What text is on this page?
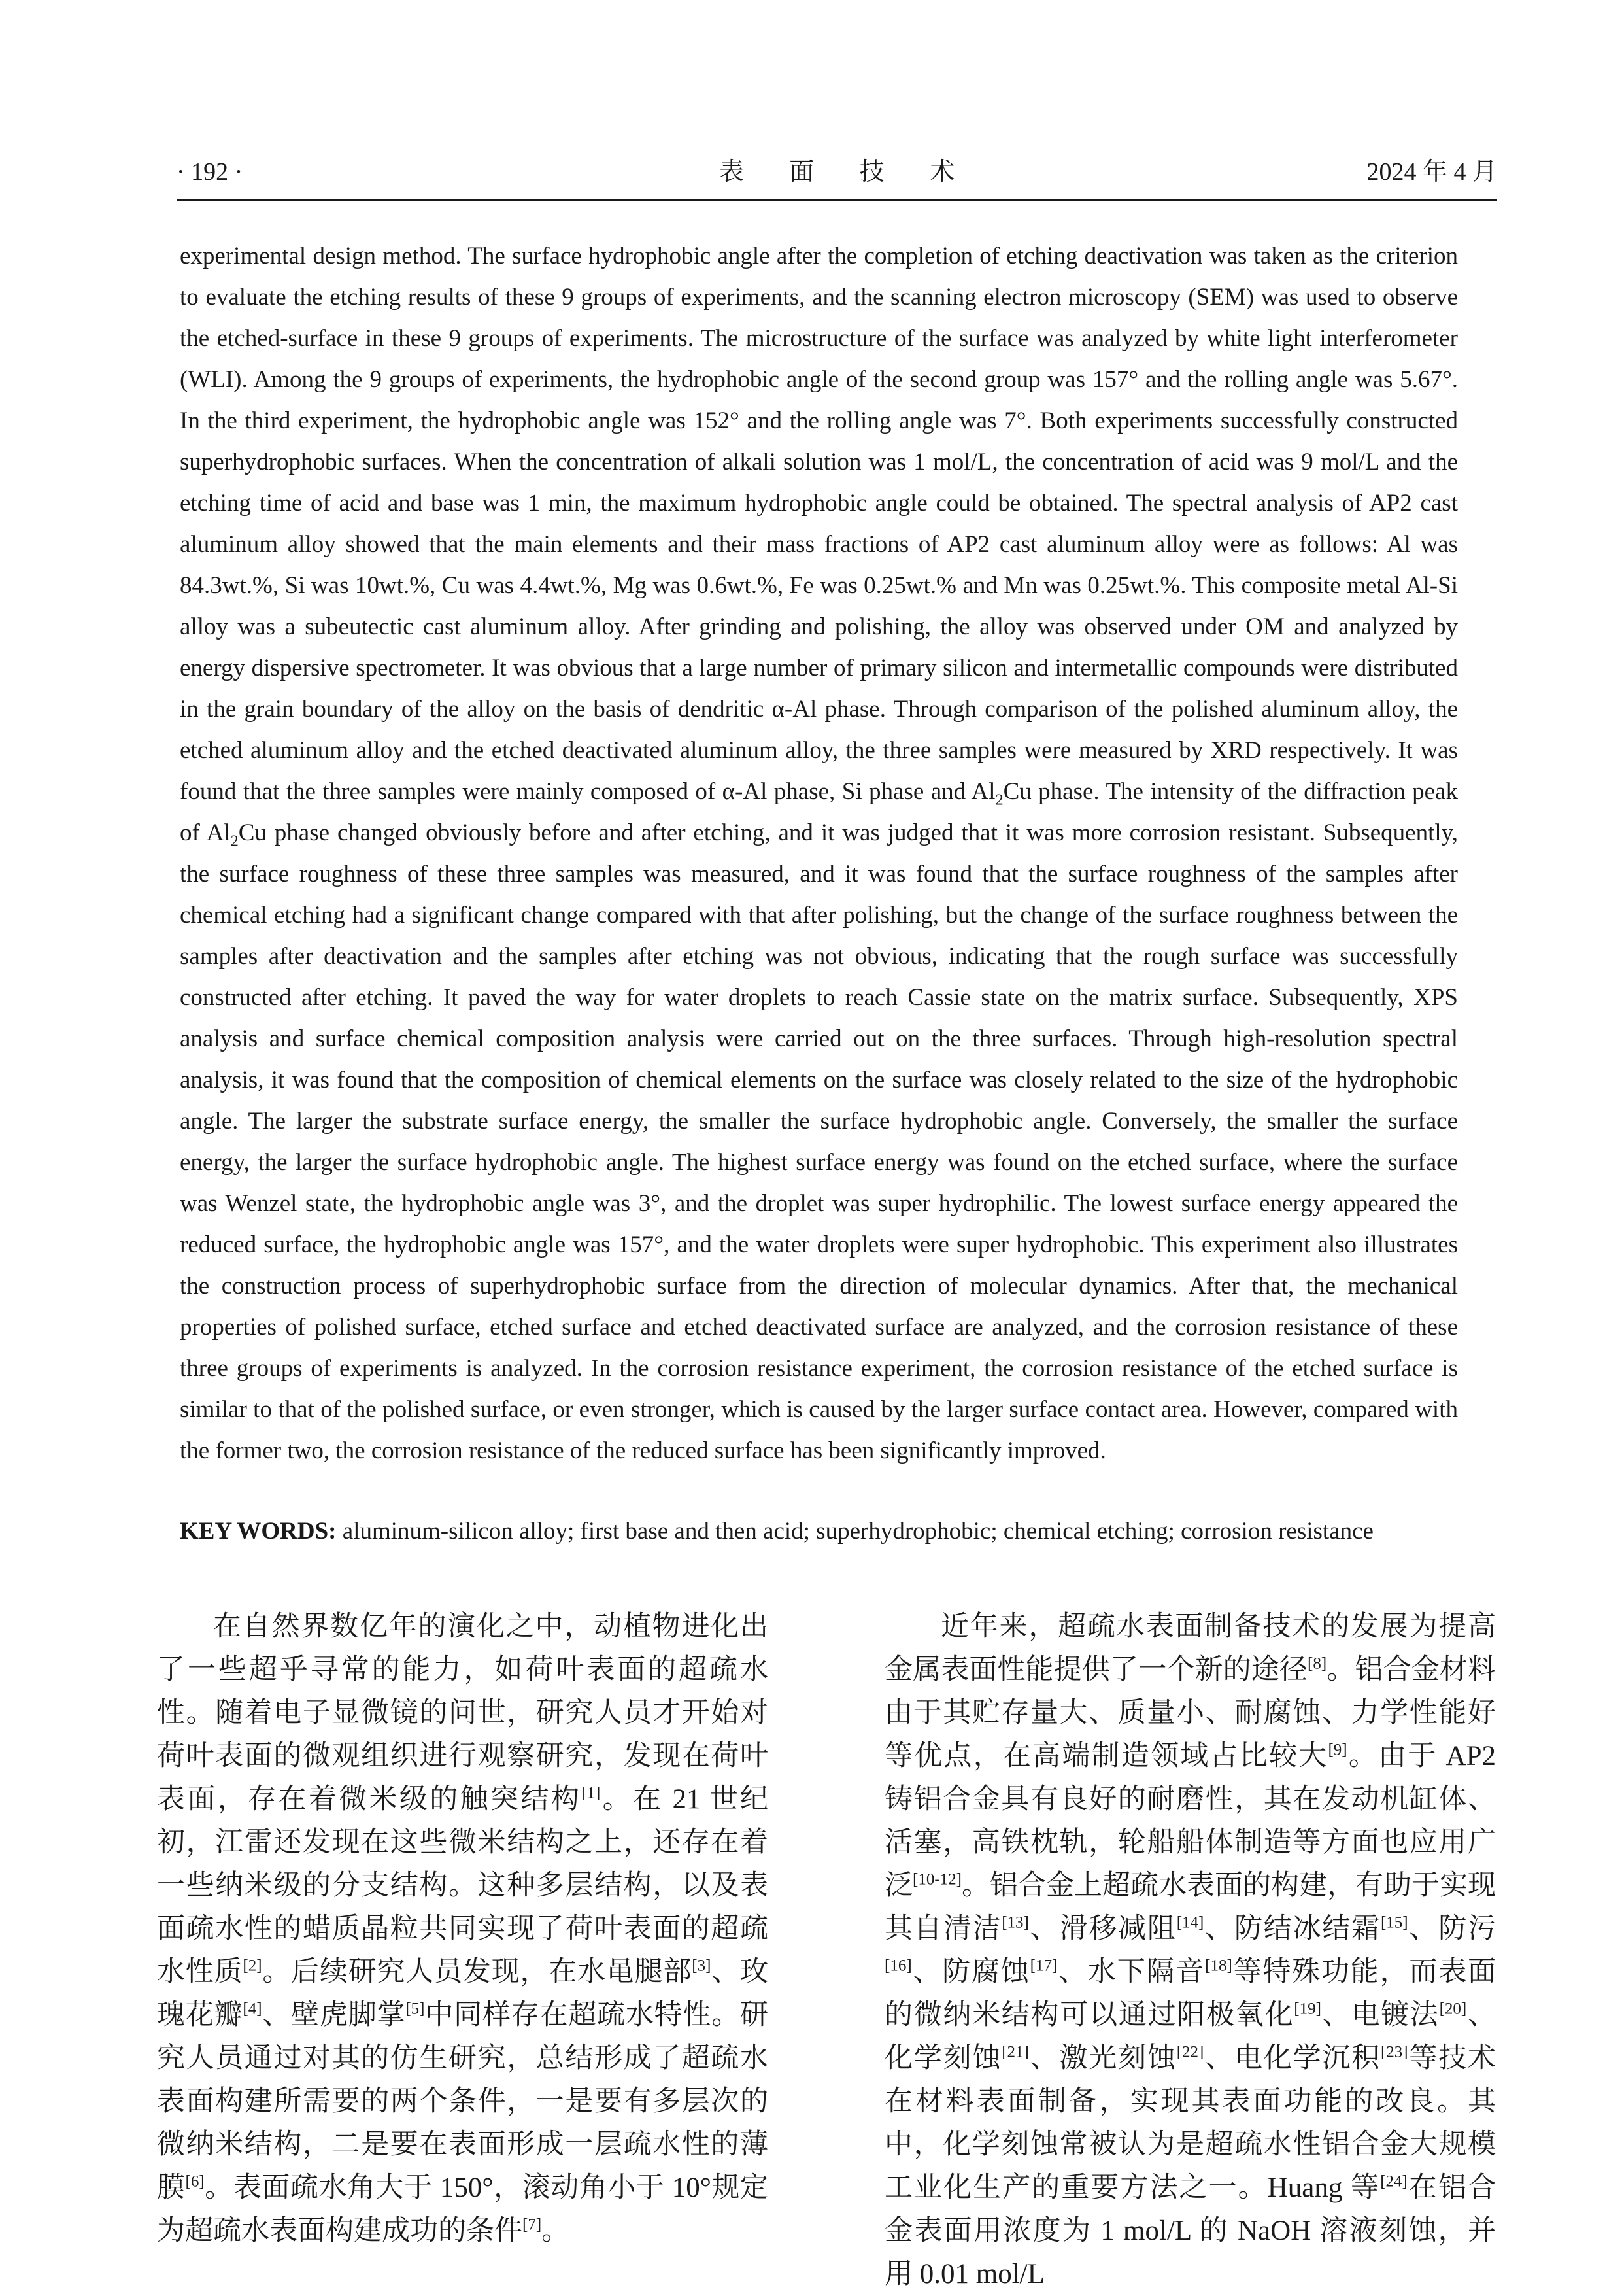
· 192 ·	表 面 技 术	2024 年 4 月
experimental design method. The surface hydrophobic angle after the completion of etching deactivation was taken as the criterion to evaluate the etching results of these 9 groups of experiments, and the scanning electron microscopy (SEM) was used to observe the etched-surface in these 9 groups of experiments. The microstructure of the surface was analyzed by white light interferometer (WLI). Among the 9 groups of experiments, the hydrophobic angle of the second group was 157° and the rolling angle was 5.67°. In the third experiment, the hydrophobic angle was 152° and the rolling angle was 7°. Both experiments successfully constructed superhydrophobic surfaces. When the concentration of alkali solution was 1 mol/L, the concentration of acid was 9 mol/L and the etching time of acid and base was 1 min, the maximum hydrophobic angle could be obtained. The spectral analysis of AP2 cast aluminum alloy showed that the main elements and their mass fractions of AP2 cast aluminum alloy were as follows: Al was 84.3wt.%, Si was 10wt.%, Cu was 4.4wt.%, Mg was 0.6wt.%, Fe was 0.25wt.% and Mn was 0.25wt.%. This composite metal Al-Si alloy was a subeutectic cast aluminum alloy. After grinding and polishing, the alloy was observed under OM and analyzed by energy dispersive spectrometer. It was obvious that a large number of primary silicon and intermetallic compounds were distributed in the grain boundary of the alloy on the basis of dendritic α-Al phase. Through comparison of the polished aluminum alloy, the etched aluminum alloy and the etched deactivated aluminum alloy, the three samples were measured by XRD respectively. It was found that the three samples were mainly composed of α-Al phase, Si phase and $Al_2Cu$ phase. The intensity of the diffraction peak of $Al_2Cu$ phase changed obviously before and after etching, and it was judged that it was more corrosion resistant. Subsequently, the surface roughness of these three samples was measured, and it was found that the surface roughness of the samples after chemical etching had a significant change compared with that after polishing, but the change of the surface roughness between the samples after deactivation and the samples after etching was not obvious, indicating that the rough surface was successfully constructed after etching. It paved the way for water droplets to reach Cassie state on the matrix surface. Subsequently, XPS analysis and surface chemical composition analysis were carried out on the three surfaces. Through high-resolution spectral analysis, it was found that the composition of chemical elements on the surface was closely related to the size of the hydrophobic angle. The larger the substrate surface energy, the smaller the surface hydrophobic angle. Conversely, the smaller the surface energy, the larger the surface hydrophobic angle. The highest surface energy was found on the etched surface, where the surface was Wenzel state, the hydrophobic angle was 3°, and the droplet was super hydrophilic. The lowest surface energy appeared the reduced surface, the hydrophobic angle was 157°, and the water droplets were super hydrophobic. This experiment also illustrates the construction process of superhydrophobic surface from the direction of molecular dynamics. After that, the mechanical properties of polished surface, etched surface and etched deactivated surface are analyzed, and the corrosion resistance of these three groups of experiments is analyzed. In the corrosion resistance experiment, the corrosion resistance of the etched surface is similar to that of the polished surface, or even stronger, which is caused by the larger surface contact area. However, compared with the former two, the corrosion resistance of the reduced surface has been significantly improved.
KEY WORDS: aluminum-silicon alloy; first base and then acid; superhydrophobic; chemical etching; corrosion resistance

在自然界数亿年的演化之中，动植物进化出了一些超乎寻常的能力，如荷叶表面的超疏水性。随着电子显微镜的问世，研究人员才开始对荷叶表面的微观组织进行观察研究，发现在荷叶表面，存在着微米级的触突结构[1]。在 21 世纪初，江雷还发现在这些微米结构之上，还存在着一些纳米级的分支结构。这种多层结构，以及表面疏水性的蜡质晶粒共同实现了荷叶表面的超疏水性质[2]。后续研究人员发现，在水黾腿部[3]、玫瑰花瓣[4]、壁虎脚掌[5]中同样存在超疏水特性。研究人员通过对其的仿生研究，总结形成了超疏水表面构建所需要的两个条件，一是要有多层次的微纳米结构，二是要在表面形成一层疏水性的薄膜[6]。表面疏水角大于 150°，滚动角小于 10°规定为超疏水表面构建成功的条件[7]。

近年来，超疏水表面制备技术的发展为提高金属表面性能提供了一个新的途径[8]。铝合金材料由于其贮存量大、质量小、耐腐蚀、力学性能好等优点，在高端制造领域占比较大[9]。由于 AP2 铸铝合金具有良好的耐磨性，其在发动机缸体、活塞，高铁枕轨，轮船船体制造等方面也应用广泛[10-12]。铝合金上超疏水表面的构建，有助于实现其自清洁[13]、滑移减阻[14]、防结冰结霜[15]、防污[16]、防腐蚀[17]、水下隔音[18]等特殊功能，而表面的微纳米结构可以通过阳极氧化[19]、电镀法[20]、化学刻蚀[21]、激光刻蚀[22]、电化学沉积[23]等技术在材料表面制备，实现其表面功能的改良。其中，化学刻蚀常被认为是超疏水性铝合金大规模工业化生产的重要方法之一。Huang 等[24]在铝合金表面用浓度为 1 mol/L 的 NaOH 溶液刻蚀，并用 0.01 mol/L
